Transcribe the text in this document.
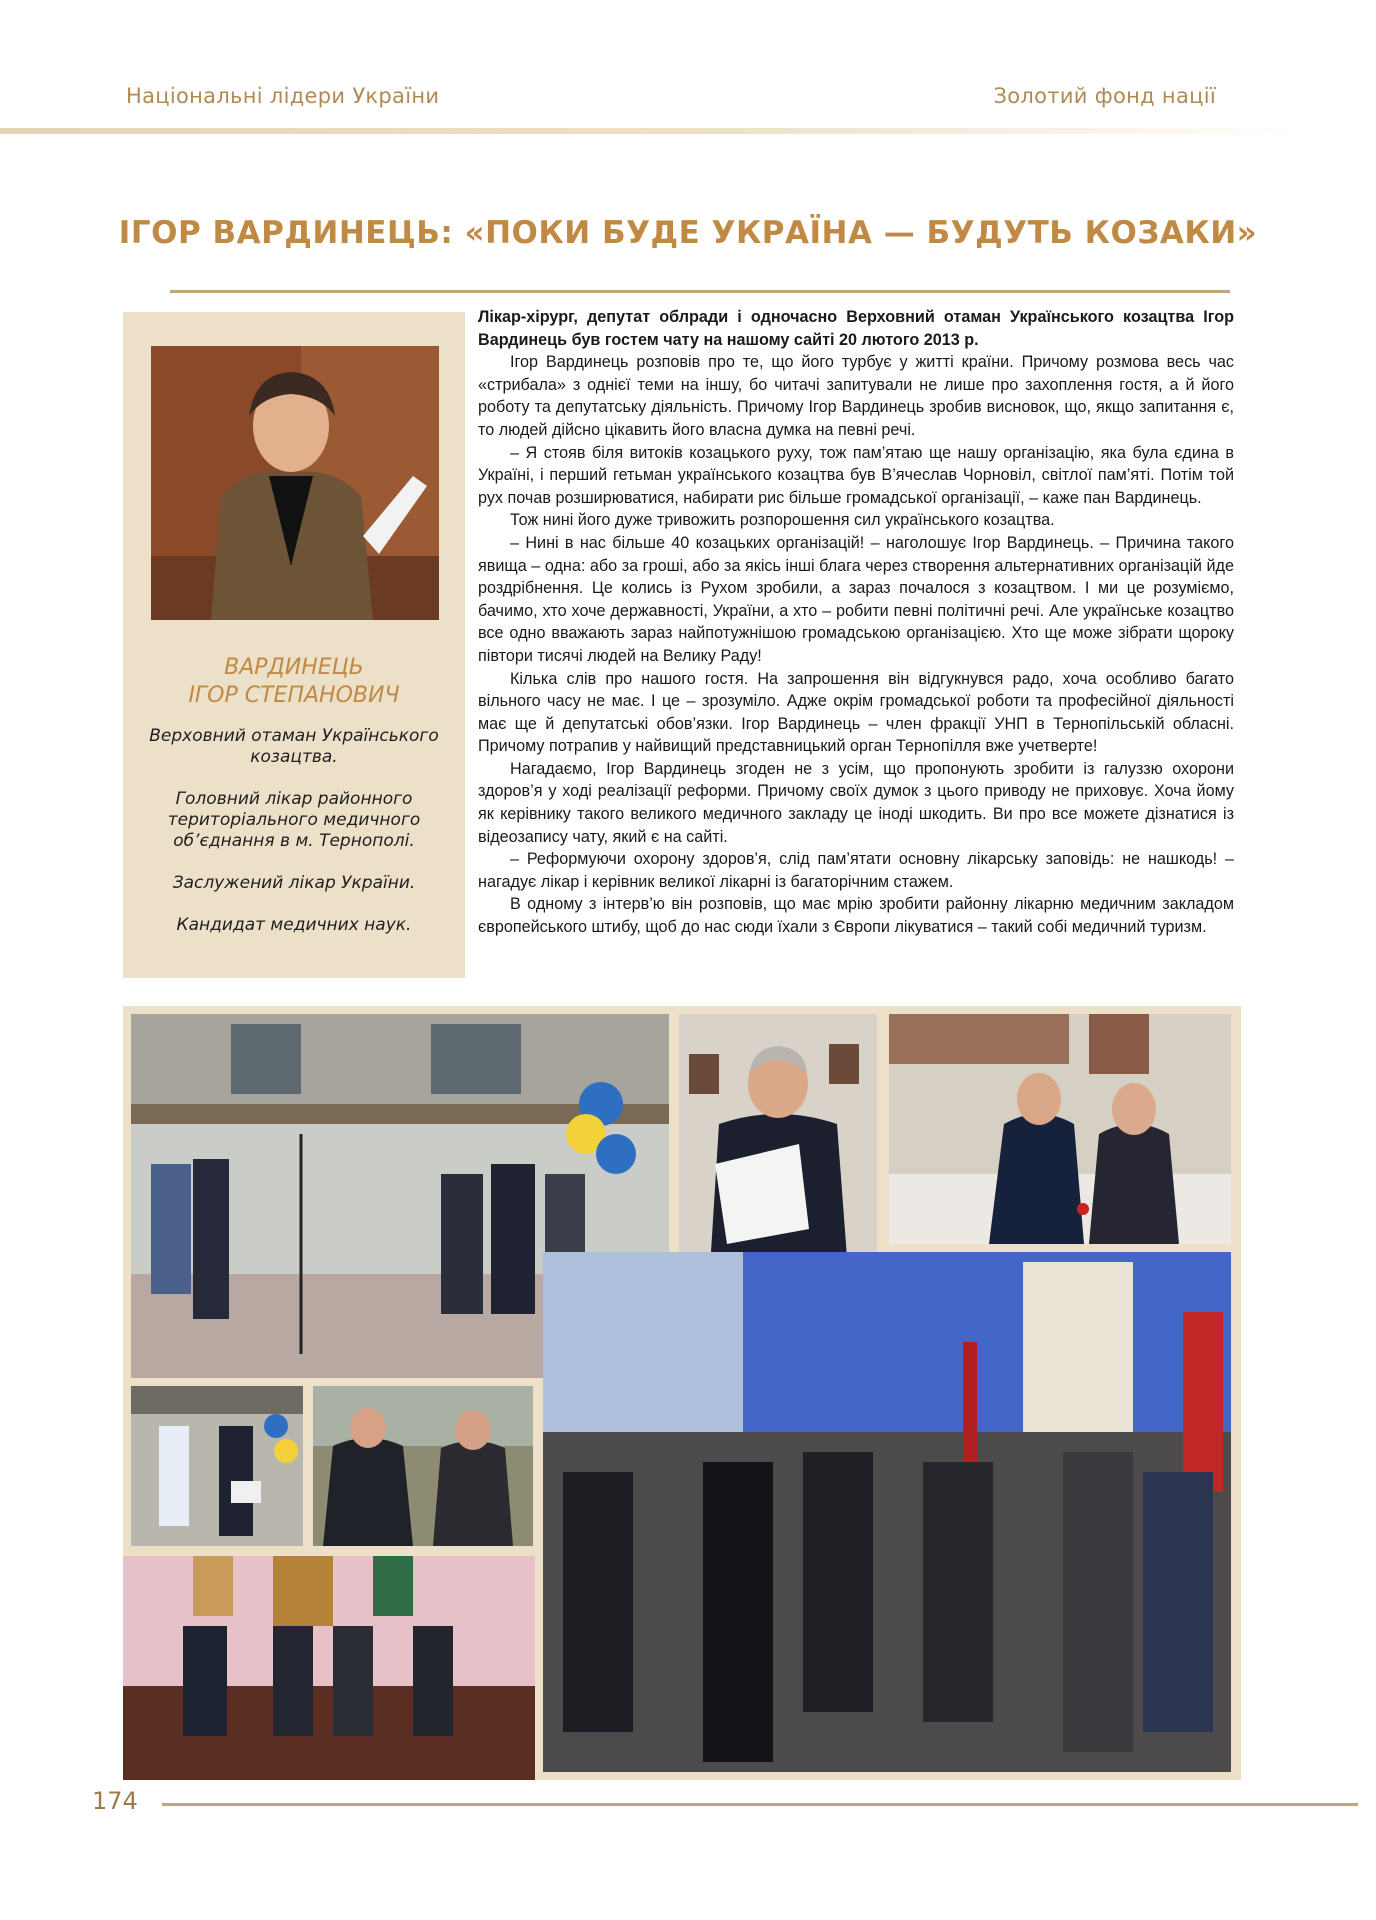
Національні лідери України	Золотий фонд нації
ІГОР ВАРДИНЕЦЬ: «ПОКИ БУДЕ УКРАЇНА — БУДУТЬ КОЗАКИ»
ВАРДИНЕЦЬ
ІГОР СТЕПАНОВИЧ

Верховний отаман Українського козацтва.

Головний лікар районного територіального медичного об’єднання в м. Тернополі.

Заслужений лікар України.

Кандидат медичних наук.

Лікар-хірург, депутат облради і одночасно Верховний отаман Українського козацтва Ігор Вардинець був гостем чату на нашому сайті 20 лютого 2013 р.

Ігор Вардинець розповів про те, що його турбує у житті країни. Причому розмова весь час «стрибала» з однієї теми на іншу, бо читачі запитували не лише про захоплення гостя, а й його роботу та депутатську діяльність. Причому Ігор Вардинець зробив висновок, що, якщо запитання є, то людей дійсно цікавить його власна думка на певні речі.

– Я стояв біля витоків козацького руху, тож пам’ятаю ще нашу організацію, яка була єдина в Україні, і перший гетьман українського козацтва був В’ячеслав Чорновіл, світлої пам’яті. Потім той рух почав розширюватися, набирати рис більше громадської організації, – каже пан Вардинець.

Тож нині його дуже тривожить розпорошення сил українського козацтва.

– Нині в нас більше 40 козацьких організацій! – наголошує Ігор Вардинець. – Причина такого явища – одна: або за гроші, або за якісь інші блага через створення альтернативних організацій йде роздрібнення. Це колись із Рухом зробили, а зараз почалося з козацтвом. І ми це розуміємо, бачимо, хто хоче державності, України, а хто – робити певні політичні речі. Але українське козацтво все одно вважають зараз найпотужнішою громадською організацією. Хто ще може зібрати щороку півтори тисячі людей на Велику Раду!

Кілька слів про нашого гостя. На запрошення він відгукнувся радо, хоча особливо багато вільного часу не має. І це – зрозуміло. Адже окрім громадської роботи та професійної діяльності має ще й депутатські обов’язки. Ігор Вардинець – член фракції УНП в Тернопільській обласні. Причому потрапив у найвищий представницький орган Тернопілля вже учетверте!

Нагадаємо, Ігор Вардинець згоден не з усім, що пропонують зробити із галуззю охорони здоров’я у ході реалізації реформи. Причому своїх думок з цього приводу не приховує. Хоча йому як керівнику такого великого медичного закладу це іноді шкодить. Ви про все можете дізнатися із відеозапису чату, який є на сайті.

– Реформуючи охорону здоров’я, слід пам’ятати основну лікарську заповідь: не нашкодь! – нагадує лікар і керівник великої лікарні із багаторічним стажем.

В одному з інтерв’ю він розповів, що має мрію зробити районну лікарню медичним закладом європейського штибу, щоб до нас сюди їхали з Європи лікуватися – такий собі медичний туризм.

174
